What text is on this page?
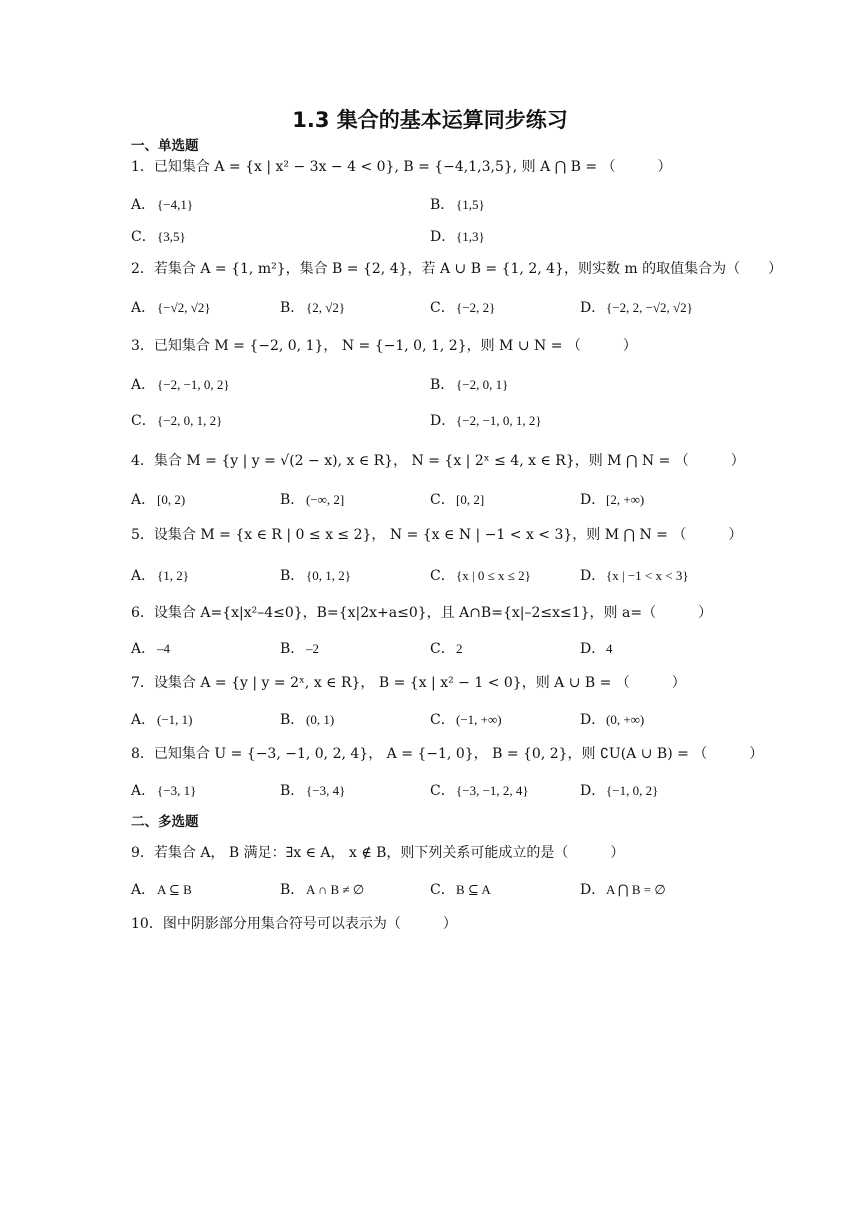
1.3 集合的基本运算同步练习
一、单选题
1．已知集合 A = {x | x² − 3x − 4 < 0}, B = {−4,1,3,5}, 则 A ⋂ B = （　　　）
A． {−4,1}	B． {1,5}
C．{3,5}	D．{1,3}
2．若集合 A = {1, m²}，集合 B = {2, 4}，若 A ∪ B = {1, 2, 4}，则实数 m 的取值集合为（　　）
A． {−√2, √2}	B． {2, √2}	C．{−2, 2}	D．{−2, 2, −√2, √2}
3．已知集合 M = {−2, 0, 1}， N = {−1, 0, 1, 2}，则 M ∪ N = （　　　）
A． {−2, −1, 0, 2}	B． {−2, 0, 1}
C．{−2, 0, 1, 2}	D．{−2, −1, 0, 1, 2}
4．集合 M = {y | y = √(2 − x), x ∈ R}， N = {x | 2ˣ ≤ 4, x ∈ R}，则 M ⋂ N = （　　　）
A． [0, 2)	B． (−∞, 2]	C．[0, 2]	D．[2, +∞)
5．设集合 M = {x ∈ R | 0 ≤ x ≤ 2}， N = {x ∈ N | −1 < x < 3}，则 M ⋂ N = （　　　）
A． {1, 2}	B． {0, 1, 2}	C．{x | 0 ≤ x ≤ 2}	D．{x | −1 < x < 3}
6．设集合 A={x|x²–4≤0}，B={x|2x+a≤0}，且 A∩B={x|–2≤x≤1}，则 a=（　　　）
A． –4	B． –2	C．2	D．4
7．设集合 A = {y | y = 2ˣ, x ∈ R}， B = {x | x² − 1 < 0}，则 A ∪ B = （　　　）
A． (−1, 1)	B． (0, 1)	C．(−1, +∞)	D．(0, +∞)
8．已知集合 U = {−3, −1, 0, 2, 4}， A = {−1, 0}， B = {0, 2}，则 ∁U(A ∪ B) = （　　　）
A． {−3, 1}	B． {−3, 4}	C．{−3, −1, 2, 4}	D．{−1, 0, 2}
二、多选题
9．若集合 A， B 满足：∃x ∈ A， x ∉ B，则下列关系可能成立的是（　　　）
A． A ⊆ B	B． A ∩ B ≠ ∅	C．B ⊆ A	D．A ⋂ B = ∅
10．图中阴影部分用集合符号可以表示为（　　　）
